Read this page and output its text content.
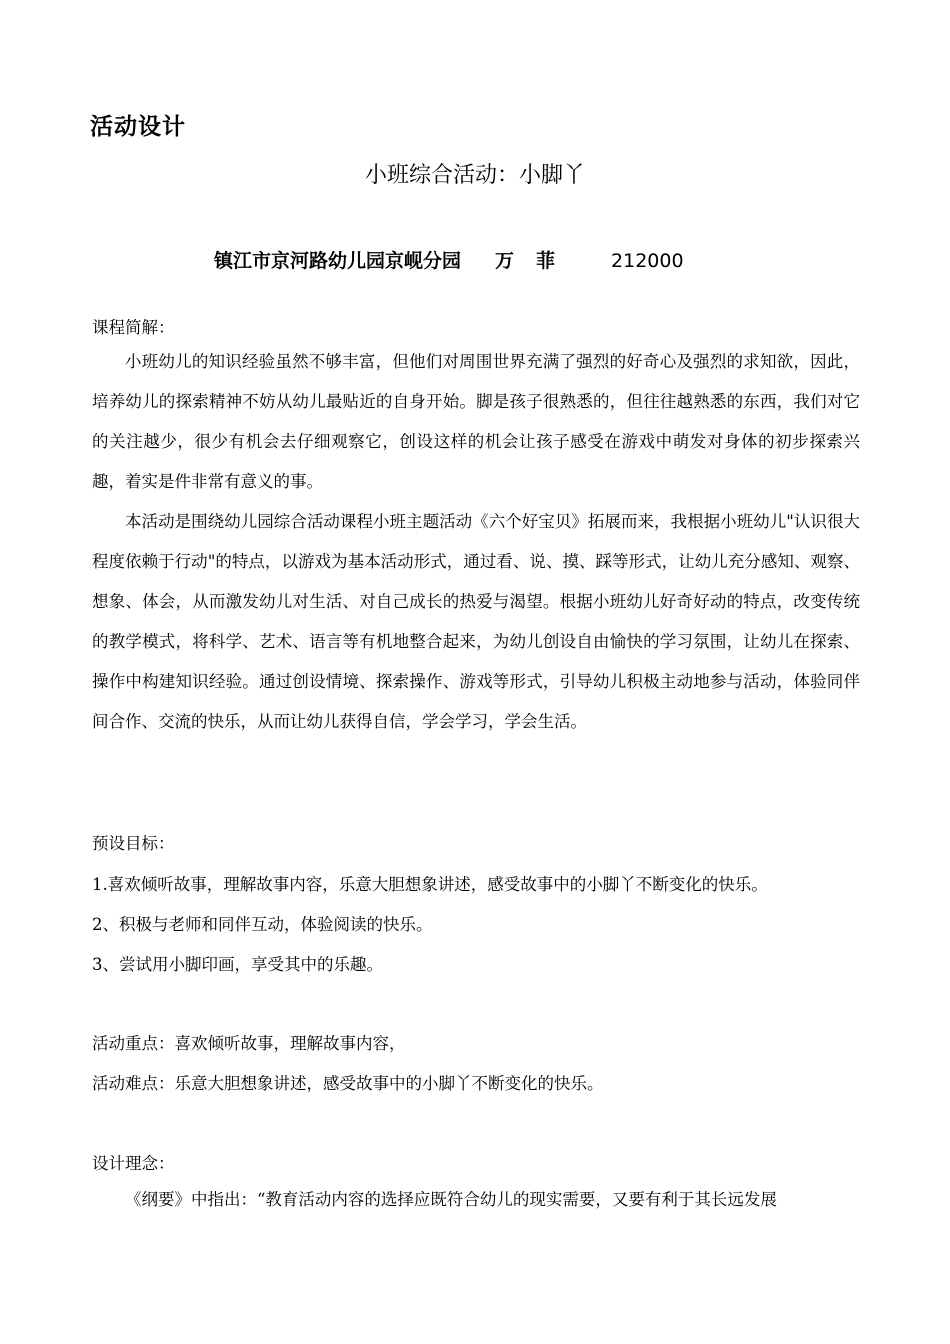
活动设计
小班综合活动：小脚丫
镇江市京河路幼儿园京岘分园 万 菲	212000
课程简解：

小班幼儿的知识经验虽然不够丰富，但他们对周围世界充满了强烈的好奇心及强烈的求知欲，因此，培养幼儿的探索精神不妨从幼儿最贴近的自身开始。脚是孩子很熟悉的，但往往越熟悉的东西，我们对它的关注越少，很少有机会去仔细观察它，创设这样的机会让孩子感受在游戏中萌发对身体的初步探索兴趣，着实是件非常有意义的事。

本活动是围绕幼儿园综合活动课程小班主题活动《六个好宝贝》拓展而来，我根据小班幼儿"认识很大程度依赖于行动"的特点，以游戏为基本活动形式，通过看、说、摸、踩等形式，让幼儿充分感知、观察、想象、体会，从而激发幼儿对生活、对自己成长的热爱与渴望。根据小班幼儿好奇好动的特点，改变传统的教学模式，将科学、艺术、语言等有机地整合起来，为幼儿创设自由愉快的学习氛围，让幼儿在探索、操作中构建知识经验。通过创设情境、探索操作、游戏等形式，引导幼儿积极主动地参与活动，体验同伴间合作、交流的快乐，从而让幼儿获得自信，学会学习，学会生活。

预设目标：
1.喜欢倾听故事，理解故事内容，乐意大胆想象讲述，感受故事中的小脚丫不断变化的快乐。
2、积极与老师和同伴互动，体验阅读的快乐。
3、尝试用小脚印画，享受其中的乐趣。
活动重点：喜欢倾听故事，理解故事内容，
活动难点：乐意大胆想象讲述，感受故事中的小脚丫不断变化的快乐。
设计理念：

《纲要》中指出：“教育活动内容的选择应既符合幼儿的现实需要，又要有利于其长远发展
